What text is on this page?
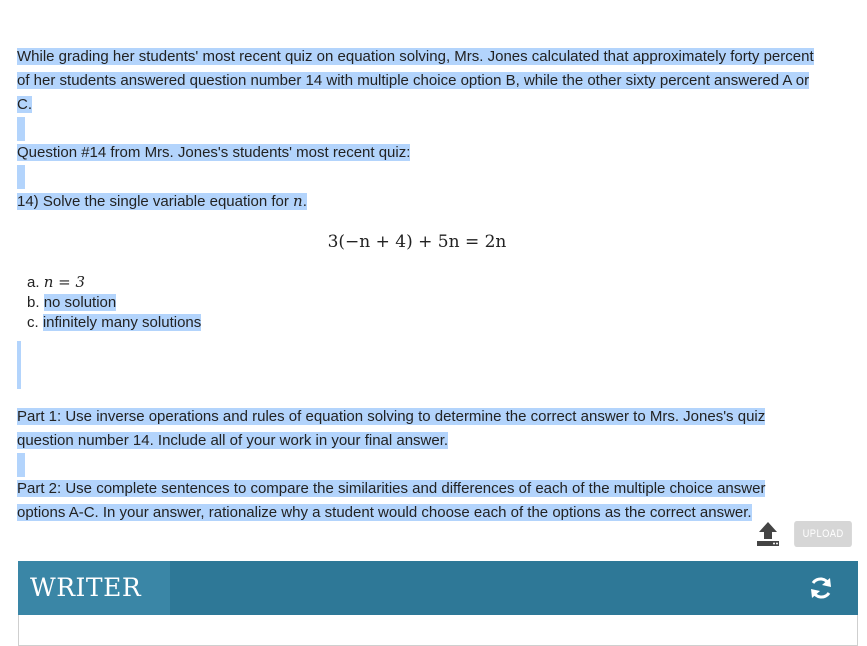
While grading her students' most recent quiz on equation solving, Mrs. Jones calculated that approximately forty percent of her students answered question number 14 with multiple choice option B, while the other sixty percent answered A or C.

Question #14 from Mrs. Jones's students' most recent quiz:

14) Solve the single variable equation for n.

3(−n + 4) + 5n = 2n
a. n = 3
b. no solution
c. infinitely many solutions

Part 1: Use inverse operations and rules of equation solving to determine the correct answer to Mrs. Jones's quiz question number 14. Include all of your work in your final answer.

Part 2: Use complete sentences to compare the similarities and differences of each of the multiple choice answer options A-C. In your answer, rationalize why a student would choose each of the options as the correct answer.

UPLOAD
WRITER
